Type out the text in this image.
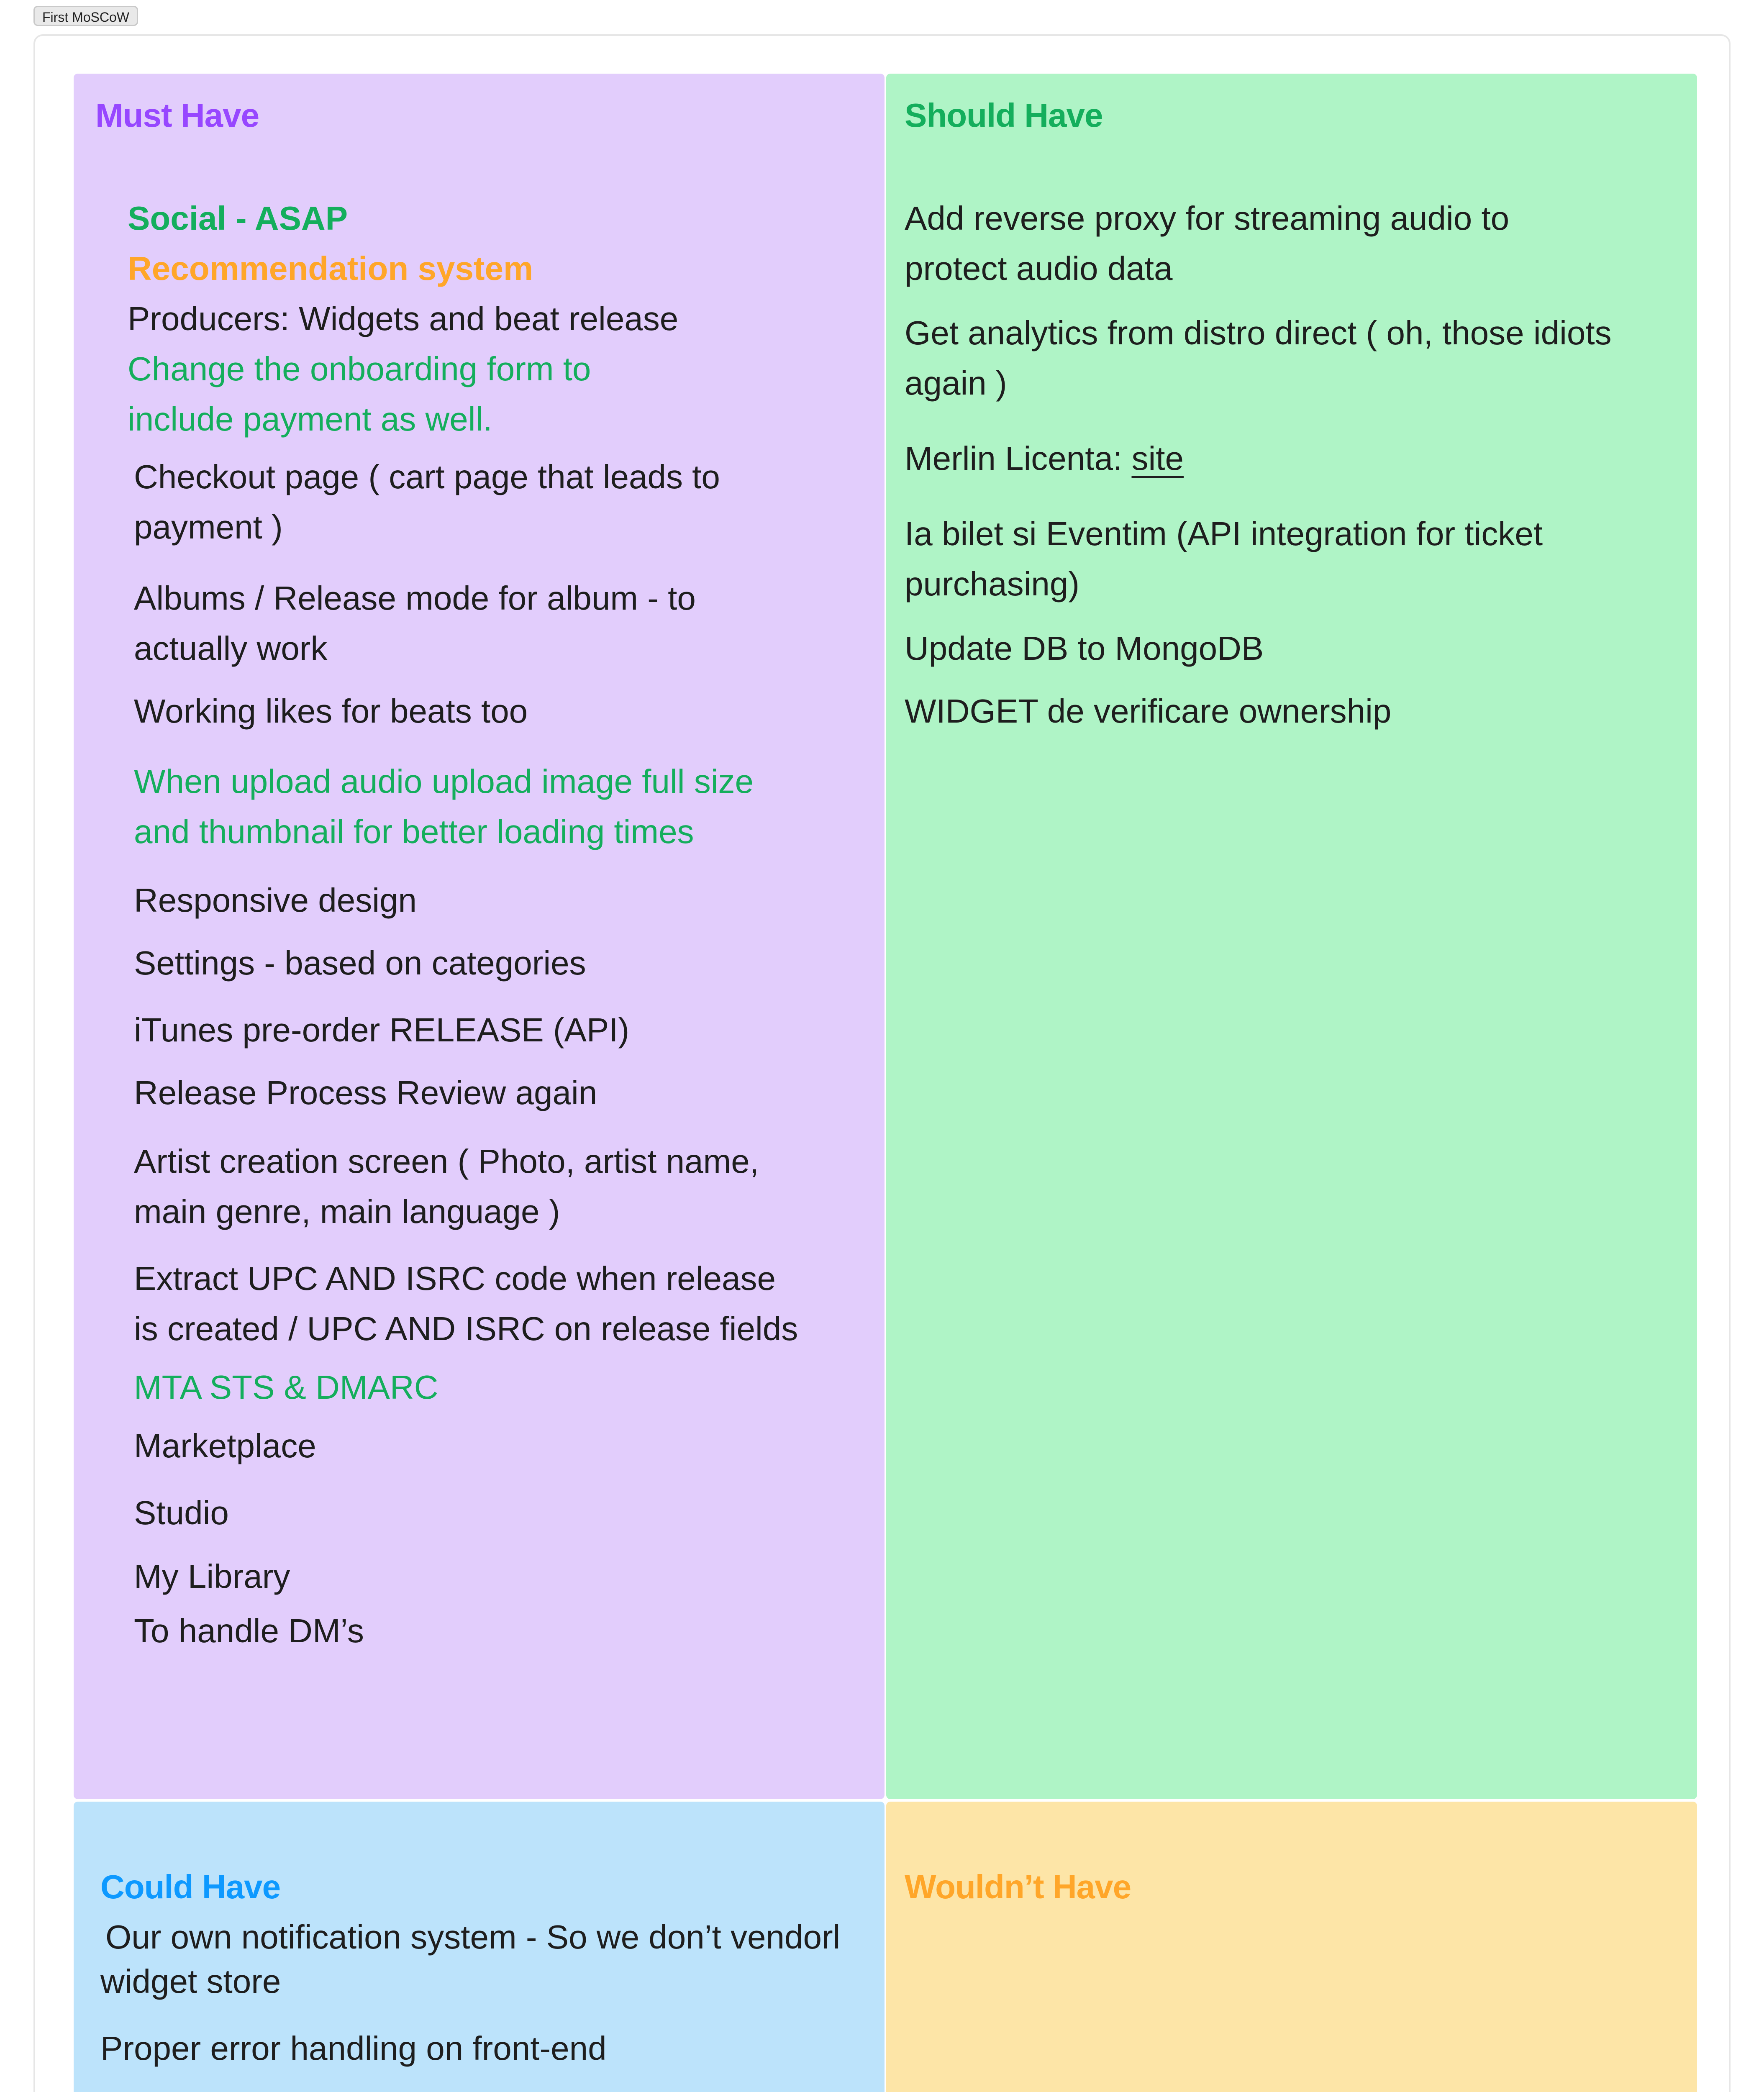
First MoSCoW
Must Have
Social - ASAP
Recommendation system
Producers: Widgets and beat release
Change the onboarding form to
include payment as well.
Checkout page ( cart page that leads to
payment )
Albums / Release mode for album - to
actually work
Working likes for beats too
When upload audio upload image full size
and thumbnail for better loading times
Responsive design
Settings - based on categories
iTunes pre-order RELEASE (API)
Release Process Review again
Artist creation screen ( Photo, artist name,
main genre, main language )
Extract UPC AND ISRC code when release
is created / UPC AND ISRC on release fields
MTA STS & DMARC
Marketplace
Studio
My Library
To handle DM’s
Should Have
Add reverse proxy for streaming audio to
protect audio data
Get analytics from distro direct ( oh, those idiots
again )
Merlin Licenta: site
Ia bilet si Eventim (API integration for ticket
purchasing)
Update DB to MongoDB
WIDGET de verificare ownership
Could Have
Our own notification system - So we don’t vendorl
widget store
Proper error handling on front-end
Wouldn’t Have
